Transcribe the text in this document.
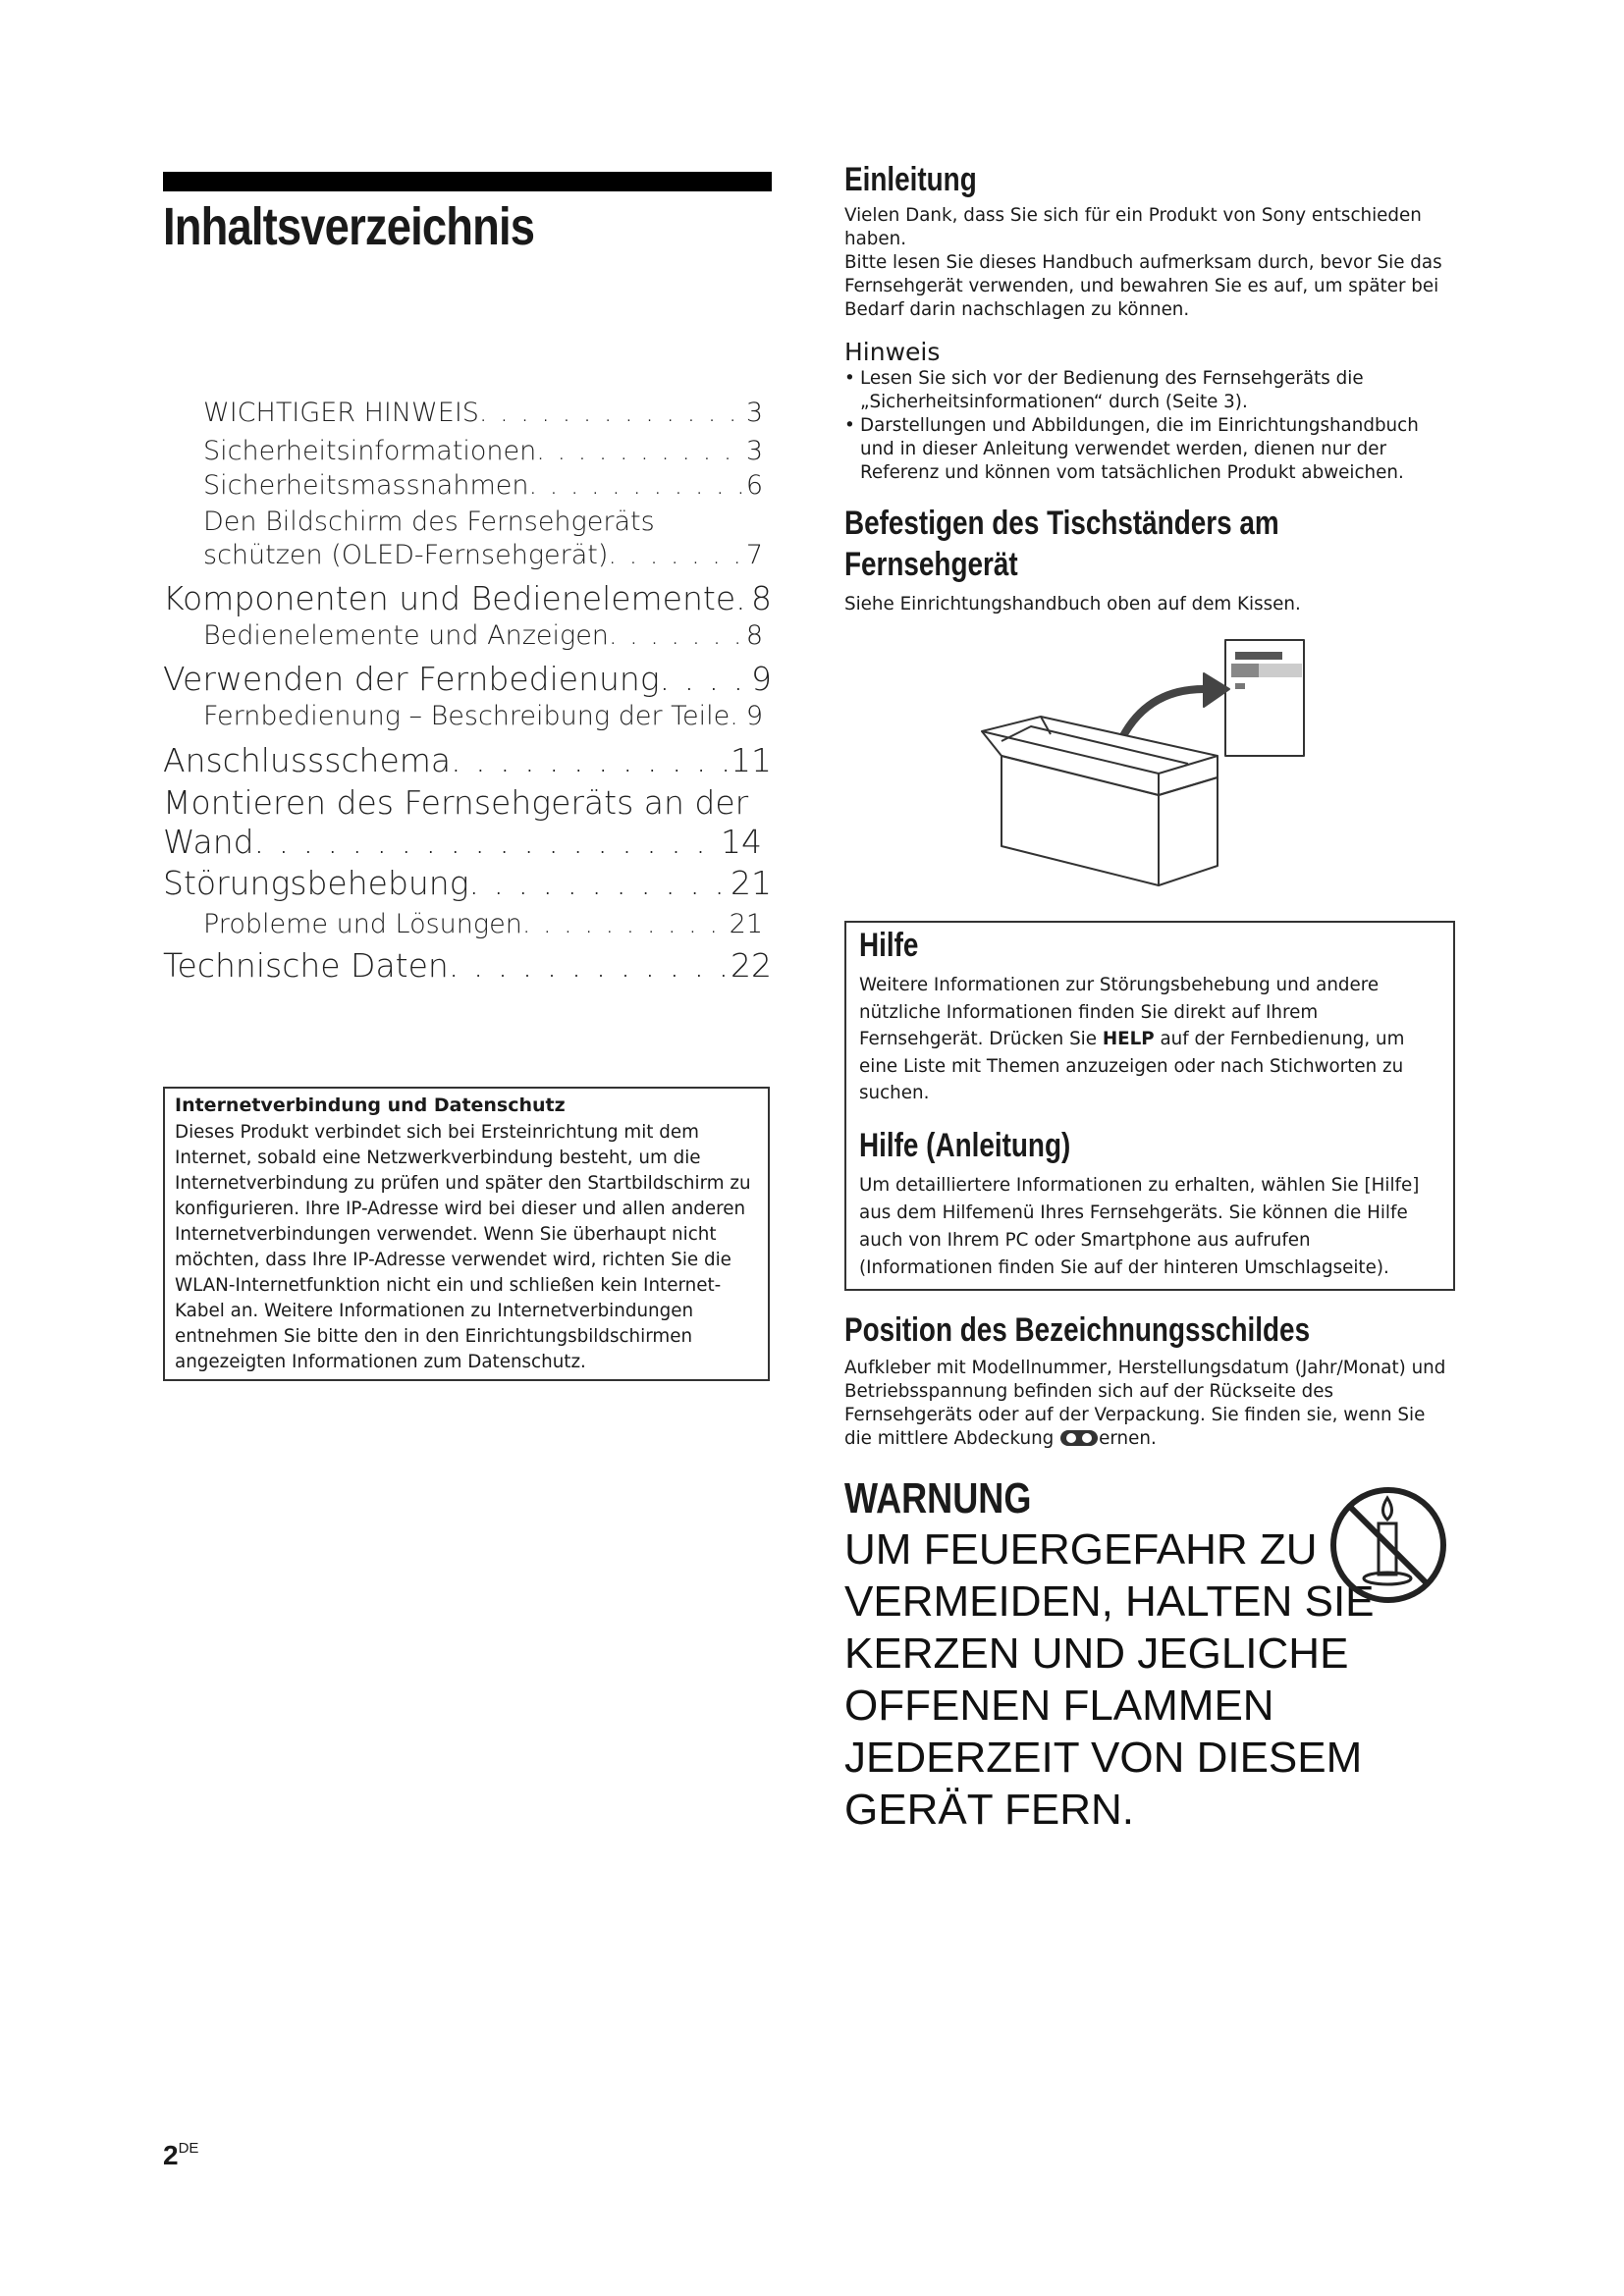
Inhaltsverzeichnis
WICHTIGER HINWEIS . . .	3
Sicherheitsinformationen . . .	3
Sicherheitsmassnahmen . . .	6
Den Bildschirm des Fernsehgeräts
schützen (OLED-Fernsehgerät) . . .	7
Komponenten und Bedienelemente . . . 8
Bedienelemente und Anzeigen . . .	8
Verwenden der Fernbedienung . . .	9
Fernbedienung – Beschreibung der Teile . . . 9
Anschlussschema . . .	11
Montieren des Fernsehgeräts an der
Wand . . .	14
Störungsbehebung . . .	21
Probleme und Lösungen . . .	21
Technische Daten . . .	22
Internetverbindung und Datenschutz
Dieses Produkt verbindet sich bei Ersteinrichtung mit dem Internet, sobald eine Netzwerkverbindung besteht, um die Internetverbindung zu prüfen und später den Startbildschirm zu konfigurieren. Ihre IP-Adresse wird bei dieser und allen anderen Internetverbindungen verwendet. Wenn Sie überhaupt nicht möchten, dass Ihre IP-Adresse verwendet wird, richten Sie die WLAN-Internetfunktion nicht ein und schließen kein Internet-Kabel an. Weitere Informationen zu Internetverbindungen entnehmen Sie bitte den in den Einrichtungsbildschirmen angezeigten Informationen zum Datenschutz.
Einleitung
Vielen Dank, dass Sie sich für ein Produkt von Sony entschieden haben.
Bitte lesen Sie dieses Handbuch aufmerksam durch, bevor Sie das Fernsehgerät verwenden, und bewahren Sie es auf, um später bei Bedarf darin nachschlagen zu können.
Hinweis
• Lesen Sie sich vor der Bedienung des Fernsehgeräts die „Sicherheitsinformationen“ durch (Seite 3).
• Darstellungen und Abbildungen, die im Einrichtungshandbuch und in dieser Anleitung verwendet werden, dienen nur der Referenz und können vom tatsächlichen Produkt abweichen.
Befestigen des Tischständers am
Fernsehgerät
Siehe Einrichtungshandbuch oben auf dem Kissen.
Hilfe
Weitere Informationen zur Störungsbehebung und andere nützliche Informationen finden Sie direkt auf Ihrem Fernsehgerät. Drücken Sie HELP auf der Fernbedienung, um eine Liste mit Themen anzuzeigen oder nach Stichworten zu suchen.
Hilfe (Anleitung)
Um detailliertere Informationen zu erhalten, wählen Sie [Hilfe] aus dem Hilfemenü Ihres Fernsehgeräts. Sie können die Hilfe auch von Ihrem PC oder Smartphone aus aufrufen (Informationen finden Sie auf der hinteren Umschlagseite).
Position des Bezeichnungsschildes
Aufkleber mit Modellnummer, Herstellungsdatum (Jahr/Monat) und Betriebsspannung befinden sich auf der Rückseite des Fernsehgeräts oder auf der Verpackung. Sie finden sie, wenn Sie die mittlere Abdeckung ernen.
WARNUNG
UM FEUERGEFAHR ZU VERMEIDEN, HALTEN SIE KERZEN UND JEGLICHE OFFENEN FLAMMEN JEDERZEIT VON DIESEM GERÄT FERN.
2DE
